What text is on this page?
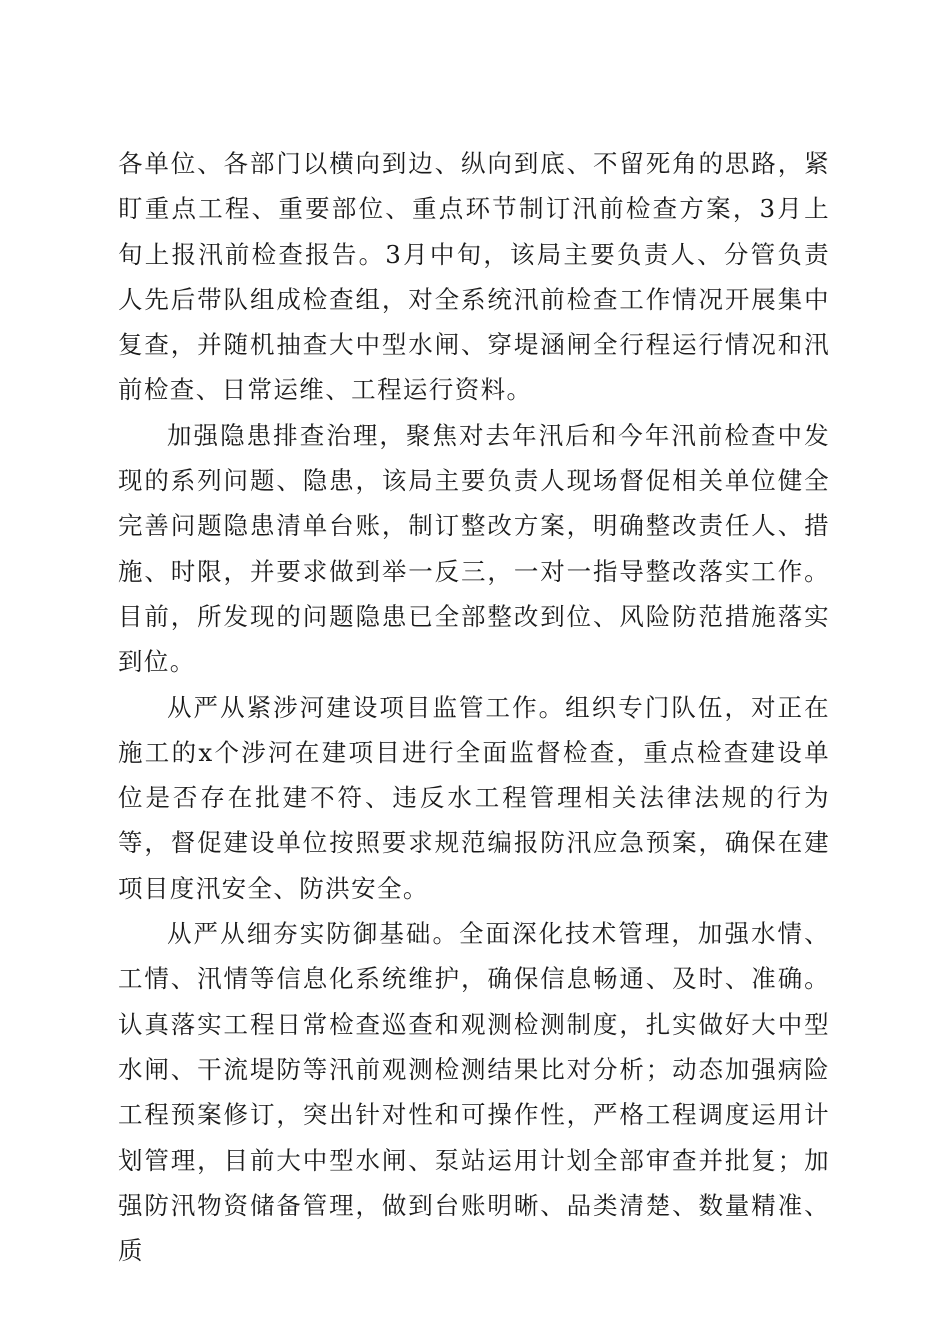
各单位、各部门以横向到边、纵向到底、不留死角的思路，紧盯重点工程、重要部位、重点环节制订汛前检查方案，3月上旬上报汛前检查报告。3月中旬，该局主要负责人、分管负责人先后带队组成检查组，对全系统汛前检查工作情况开展集中复查，并随机抽查大中型水闸、穿堤涵闸全行程运行情况和汛前检查、日常运维、工程运行资料。

加强隐患排查治理，聚焦对去年汛后和今年汛前检查中发现的系列问题、隐患，该局主要负责人现场督促相关单位健全完善问题隐患清单台账，制订整改方案，明确整改责任人、措施、时限，并要求做到举一反三，一对一指导整改落实工作。目前，所发现的问题隐患已全部整改到位、风险防范措施落实到位。

从严从紧涉河建设项目监管工作。组织专门队伍，对正在施工的x个涉河在建项目进行全面监督检查，重点检查建设单位是否存在批建不符、违反水工程管理相关法律法规的行为等，督促建设单位按照要求规范编报防汛应急预案，确保在建项目度汛安全、防洪安全。

从严从细夯实防御基础。全面深化技术管理，加强水情、工情、汛情等信息化系统维护，确保信息畅通、及时、准确。认真落实工程日常检查巡查和观测检测制度，扎实做好大中型水闸、干流堤防等汛前观测检测结果比对分析；动态加强病险工程预案修订，突出针对性和可操作性，严格工程调度运用计划管理，目前大中型水闸、泵站运用计划全部审查并批复；加强防汛物资储备管理，做到台账明晰、品类清楚、数量精准、质
